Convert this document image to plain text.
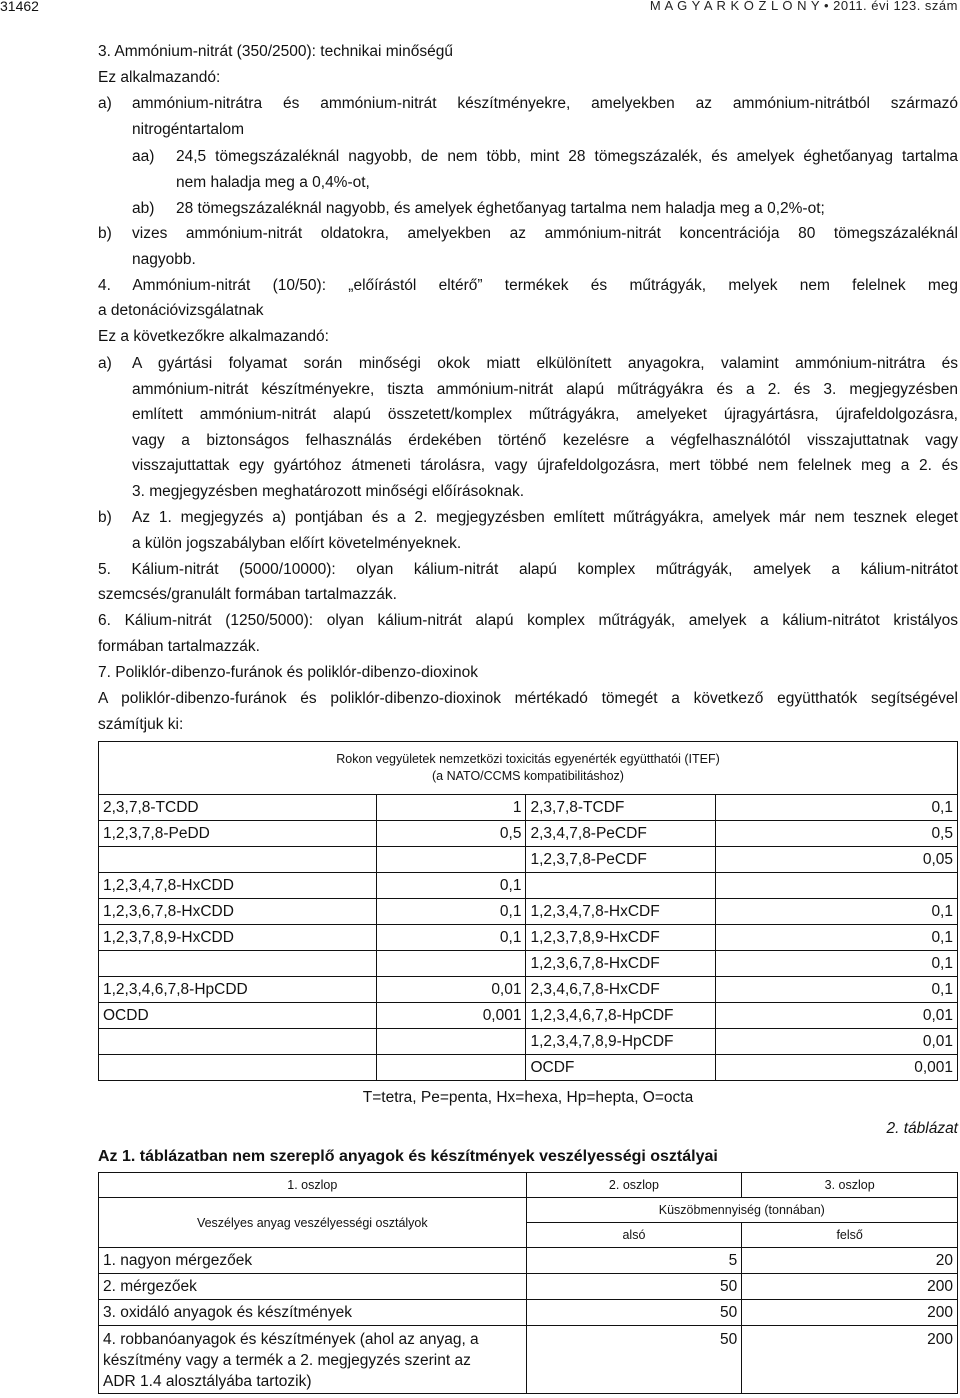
31462	M A G Y A R K Ö Z L Ö N Y • 2011. évi 123. szám
3. Ammónium-nitrát (350/2500): technikai minőségű
Ez alkalmazandó:
a) ammónium-nitrátra és ammónium-nitrát készítményekre, amelyekben az ammónium-nitrátból származó
nitrogéntartalom
aa) 24,5 tömegszázaléknál nagyobb, de nem több, mint 28 tömegszázalék, és amelyek éghetőanyag tartalma
nem haladja meg a 0,4%-ot,
ab) 28 tömegszázaléknál nagyobb, és amelyek éghetőanyag tartalma nem haladja meg a 0,2%-ot;
b) vizes ammónium-nitrát oldatokra, amelyekben az ammónium-nitrát koncentrációja 80 tömegszázaléknál
nagyobb.
4. Ammónium-nitrát (10/50): „előírástól eltérő” termékek és műtrágyák, melyek nem felelnek meg
a detonációvizsgálatnak
Ez a következőkre alkalmazandó:
a) A gyártási folyamat során minőségi okok miatt elkülönített anyagokra, valamint ammónium-nitrátra és
ammónium-nitrát készítményekre, tiszta ammónium-nitrát alapú műtrágyákra és a 2. és 3. megjegyzésben
említett ammónium-nitrát alapú összetett/komplex műtrágyákra, amelyeket újragyártásra, újrafeldolgozásra,
vagy a biztonságos felhasználás érdekében történő kezelésre a végfelhasználótól visszajuttatnak vagy
visszajuttattak egy gyártóhoz átmeneti tárolásra, vagy újrafeldolgozásra, mert többé nem felelnek meg a 2. és
3. megjegyzésben meghatározott minőségi előírásoknak.
b) Az 1. megjegyzés a) pontjában és a 2. megjegyzésben említett műtrágyákra, amelyek már nem tesznek eleget
a külön jogszabályban előírt követelményeknek.
5. Kálium-nitrát (5000/10000): olyan kálium-nitrát alapú komplex műtrágyák, amelyek a kálium-nitrátot
szemcsés/granulált formában tartalmazzák.
6. Kálium-nitrát (1250/5000): olyan kálium-nitrát alapú komplex műtrágyák, amelyek a kálium-nitrátot kristályos
formában tartalmazzák.
7. Poliklór-dibenzo-furánok és poliklór-dibenzo-dioxinok
A poliklór-dibenzo-furánok és poliklór-dibenzo-dioxinok mértékadó tömegét a következő együtthatók segítségével
számítjuk ki:
Rokon vegyületek nemzetközi toxicitás egyenérték együtthatói (ITEF)
(a NATO/CCMS kompatibilitáshoz)			

2,3,7,8-TCDD	1	2,3,7,8-TCDF	0,1
1,2,3,7,8-PeDD	0,5	2,3,4,7,8-PeCDF	0,5
		1,2,3,7,8-PeCDF	0,05
1,2,3,4,7,8-HxCDD	0,1		
1,2,3,6,7,8-HxCDD	0,1	1,2,3,4,7,8-HxCDF	0,1
1,2,3,7,8,9-HxCDD	0,1	1,2,3,7,8,9-HxCDF	0,1
		1,2,3,6,7,8-HxCDF	0,1
1,2,3,4,6,7,8-HpCDD	0,01	2,3,4,6,7,8-HxCDF	0,1
OCDD	0,001	1,2,3,4,6,7,8-HpCDF	0,01
		1,2,3,4,7,8,9-HpCDF	0,01
		OCDF	0,001
T=tetra, Pe=penta, Hx=hexa, Hp=hepta, O=octa			
2. táblázat
Az 1. táblázatban nem szereplő anyagok és készítmények veszélyességi osztályai
1. oszlop	2. oszlop	3. oszlop
Veszélyes anyag veszélyességi osztályok	Küszöbmennyiség (tonnában)	
	alsó	felső
1. nagyon mérgezőek	5	20
2. mérgezőek	50	200
3. oxidáló anyagok és készítmények	50	200
4. robbanóanyagok és készítmények (ahol az anyag, a készítmény vagy a termék a 2. megjegyzés szerint az ADR 1.4 alosztályába tartozik)	50	200
